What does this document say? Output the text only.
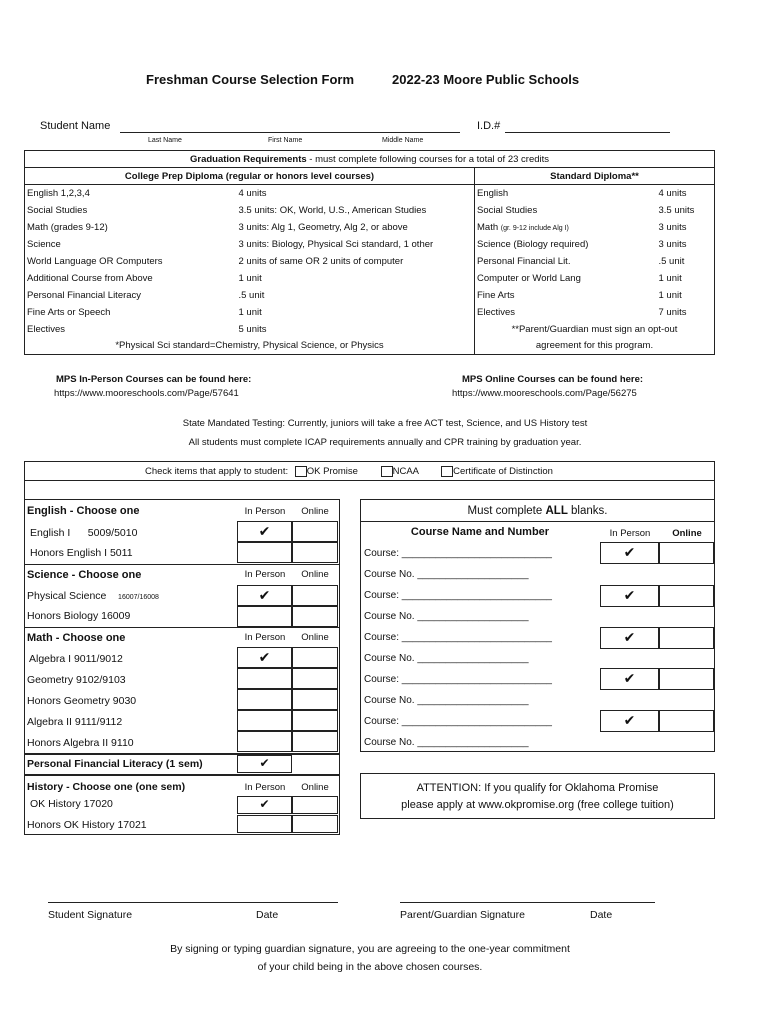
Freshman Course Selection Form	2022-23 Moore Public Schools
Student Name	I.D.#
Last Name	First Name	Middle Name
Graduation Requirements - must complete following courses for a total of 23 credits			
College Prep Diploma (regular or honors level courses)		Standard Diploma**	
English 1,2,3,4	4 units	English	4 units
Social Studies	3.5 units: OK, World, U.S., American Studies	Social Studies	3.5 units
Math (grades 9-12)	3 units: Alg 1, Geometry, Alg 2, or above	Math (gr. 9-12 include Alg I)	3 units
Science	3 units: Biology, Physical Sci standard, 1 other	Science (Biology required)	3 units
World Language OR Computers	2 units of same OR 2 units of computer	Personal Financial Lit.	.5 unit
Additional Course from Above	1 unit	Computer or World Lang	1 unit
Personal Financial Literacy	.5 unit	Fine Arts	1 unit
Fine Arts or Speech	1 unit	Electives	7 units
Electives	5 units	**Parent/Guardian must sign an opt-out	
*Physical Sci standard=Chemistry, Physical Science, or Physics		agreement for this program.	
MPS In-Person Courses can be found here:
https://www.mooreschools.com/Page/57641
MPS Online Courses can be found here:
https://www.mooreschools.com/Page/56275
State Mandated Testing: Currently, juniors will take a free ACT test, Science, and US History test
All students must complete ICAP requirements annually and CPR training by graduation year.
Check items that apply to student: OK Promise	NCAA	Certificate of Distinction
English - Choose one	In Person	Online
English I 5009/5010	✔
Honors English I 5011
Science - Choose one	In Person	Online
Physical Science 16007/16008	✔
Honors Biology 16009
Math - Choose one	In Person	Online
Algebra I 9011/9012	✔
Geometry 9102/9103
Honors Geometry 9030
Algebra II 9111/9112
Honors Algebra II 9110
Personal Financial Literacy (1 sem)	✔
History - Choose one (one sem)	In Person	Online
OK History 17020	✔
Honors OK History 17021
Must complete ALL blanks.
Course Name and Number	In Person	Online
Course: ___________________________	✔
Course No. ____________________
Course: ___________________________	✔
Course No. ____________________
Course: ___________________________	✔
Course No. ____________________
Course: ___________________________	✔
Course No. ____________________
Course: ___________________________	✔
Course No. ____________________
ATTENTION: If you qualify for Oklahoma Promise
please apply at www.okpromise.org (free college tuition)
Student Signature	Date	Parent/Guardian Signature	Date
By signing or typing guardian signature, you are agreeing to the one-year commitment
of your child being in the above chosen courses.
